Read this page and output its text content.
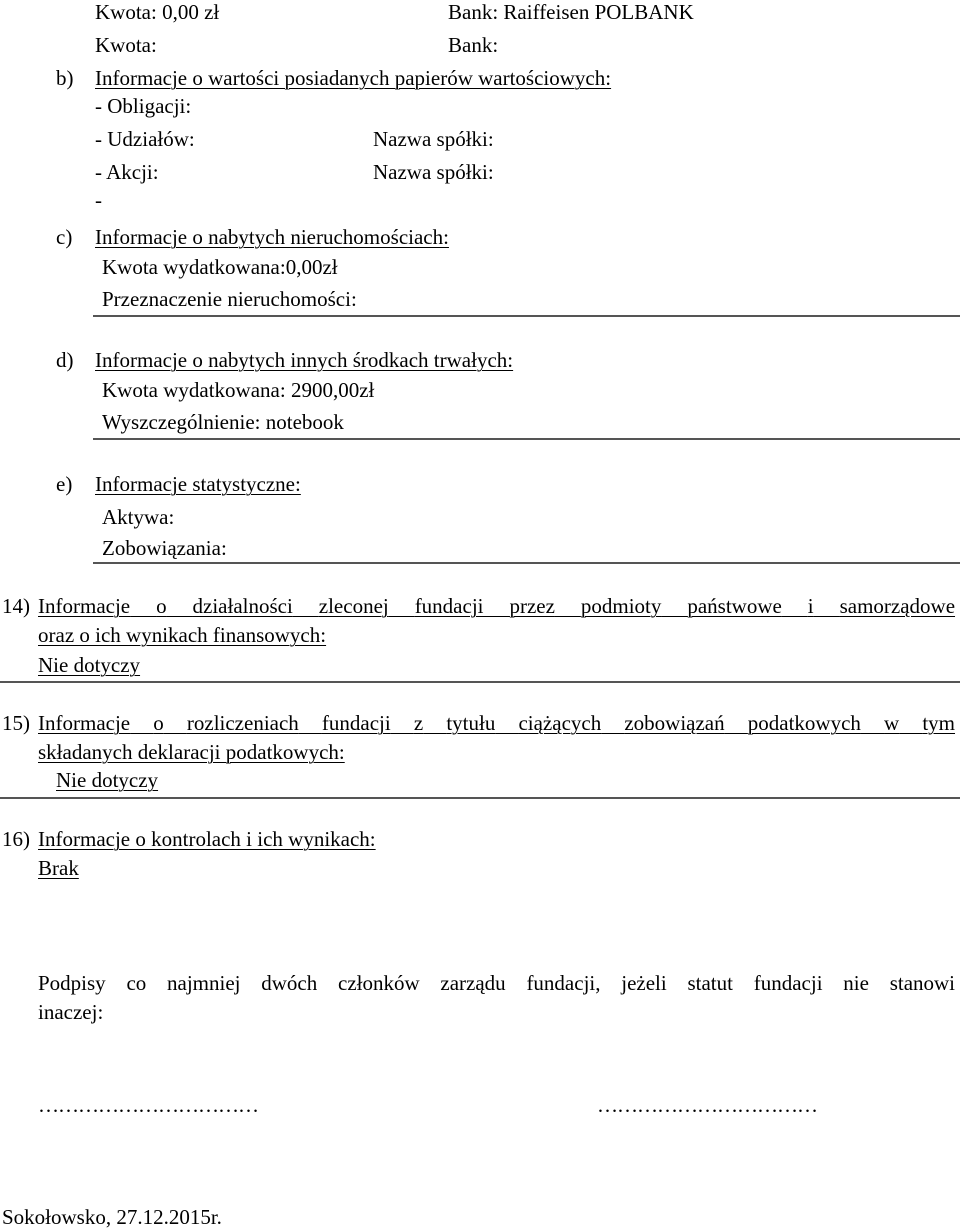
Kwota: 0,00 zł	Bank: Raiffeisen POLBANK
Kwota:	Bank:
b) Informacje o wartości posiadanych papierów wartościowych:
- Obligacji:
- Udziałów:	Nazwa spółki:
- Akcji:	Nazwa spółki:
-
c) Informacje o nabytych nieruchomościach:
Kwota wydatkowana:0,00zł
Przeznaczenie nieruchomości:
d) Informacje o nabytych innych środkach trwałych:
Kwota wydatkowana: 2900,00zł
Wyszczególnienie: notebook
e) Informacje statystyczne:
Aktywa:
Zobowiązania:
14) Informacje o działalności zleconej fundacji przez podmioty państwowe i samorządowe
oraz o ich wynikach finansowych:
Nie dotyczy
15) Informacje o rozliczeniach fundacji z tytułu ciążących zobowiązań podatkowych w tym
składanych deklaracji podatkowych:
Nie dotyczy
16) Informacje o kontrolach i ich wynikach:
Brak
Podpisy co najmniej dwóch członków zarządu fundacji, jeżeli statut fundacji nie stanowi
inaczej:
……………………………	……………………………
Sokołowsko, 27.12.2015r.
